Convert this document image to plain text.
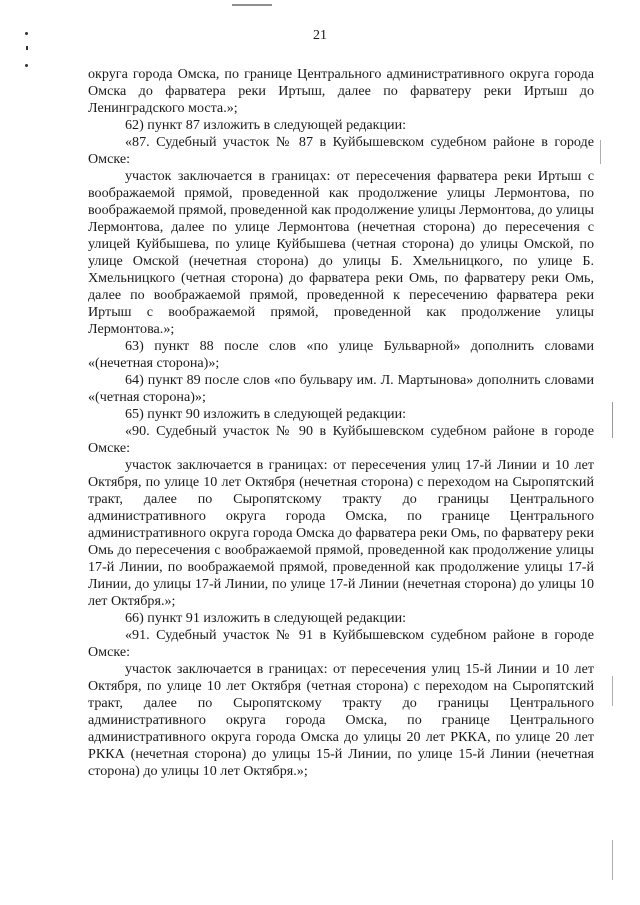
21

округа города Омска, по границе Центрального административного округа города Омска до фарватера реки Иртыш, далее по фарватеру реки Иртыш до Ленинградского моста.»;

62) пункт 87 изложить в следующей редакции:

«87. Судебный участок № 87 в Куйбышевском судебном районе в городе Омске:

участок заключается в границах: от пересечения фарватера реки Иртыш с воображаемой прямой, проведенной как продолжение улицы Лермонтова, по воображаемой прямой, проведенной как продолжение улицы Лермонтова, до улицы Лермонтова, далее по улице Лермонтова (нечетная сторона) до пересечения с улицей Куйбышева, по улице Куйбышева (четная сторона) до улицы Омской, по улице Омской (нечетная сторона) до улицы Б. Хмельницкого, по улице Б. Хмельницкого (четная сторона) до фарватера реки Омь, по фарватеру реки Омь, далее по воображаемой прямой, проведенной к пересечению фарватера реки Иртыш с воображаемой прямой, проведенной как продолжение улицы Лермонтова.»;

63) пункт 88 после слов «по улице Бульварной» дополнить словами «(нечетная сторона)»;

64) пункт 89 после слов «по бульвару им. Л. Мартынова» дополнить словами «(четная сторона)»;

65) пункт 90 изложить в следующей редакции:

«90. Судебный участок № 90 в Куйбышевском судебном районе в городе Омске:

участок заключается в границах: от пересечения улиц 17-й Линии и 10 лет Октября, по улице 10 лет Октября (нечетная сторона) с переходом на Сыропятский тракт, далее по Сыропятскому тракту до границы Центрального административного округа города Омска, по границе Центрального административного округа города Омска до фарватера реки Омь, по фарватеру реки Омь до пересечения с воображаемой прямой, проведенной как продолжение улицы 17-й Линии, по воображаемой прямой, проведенной как продолжение улицы 17-й Линии, до улицы 17-й Линии, по улице 17-й Линии (нечетная сторона) до улицы 10 лет Октября.»;

66) пункт 91 изложить в следующей редакции:

«91. Судебный участок № 91 в Куйбышевском судебном районе в городе Омске:

участок заключается в границах: от пересечения улиц 15-й Линии и 10 лет Октября, по улице 10 лет Октября (четная сторона) с переходом на Сыропятский тракт, далее по Сыропятскому тракту до границы Центрального административного округа города Омска, по границе Центрального административного округа города Омска до улицы 20 лет РККА, по улице 20 лет РККА (нечетная сторона) до улицы 15-й Линии, по улице 15-й Линии (нечетная сторона) до улицы 10 лет Октября.»;
